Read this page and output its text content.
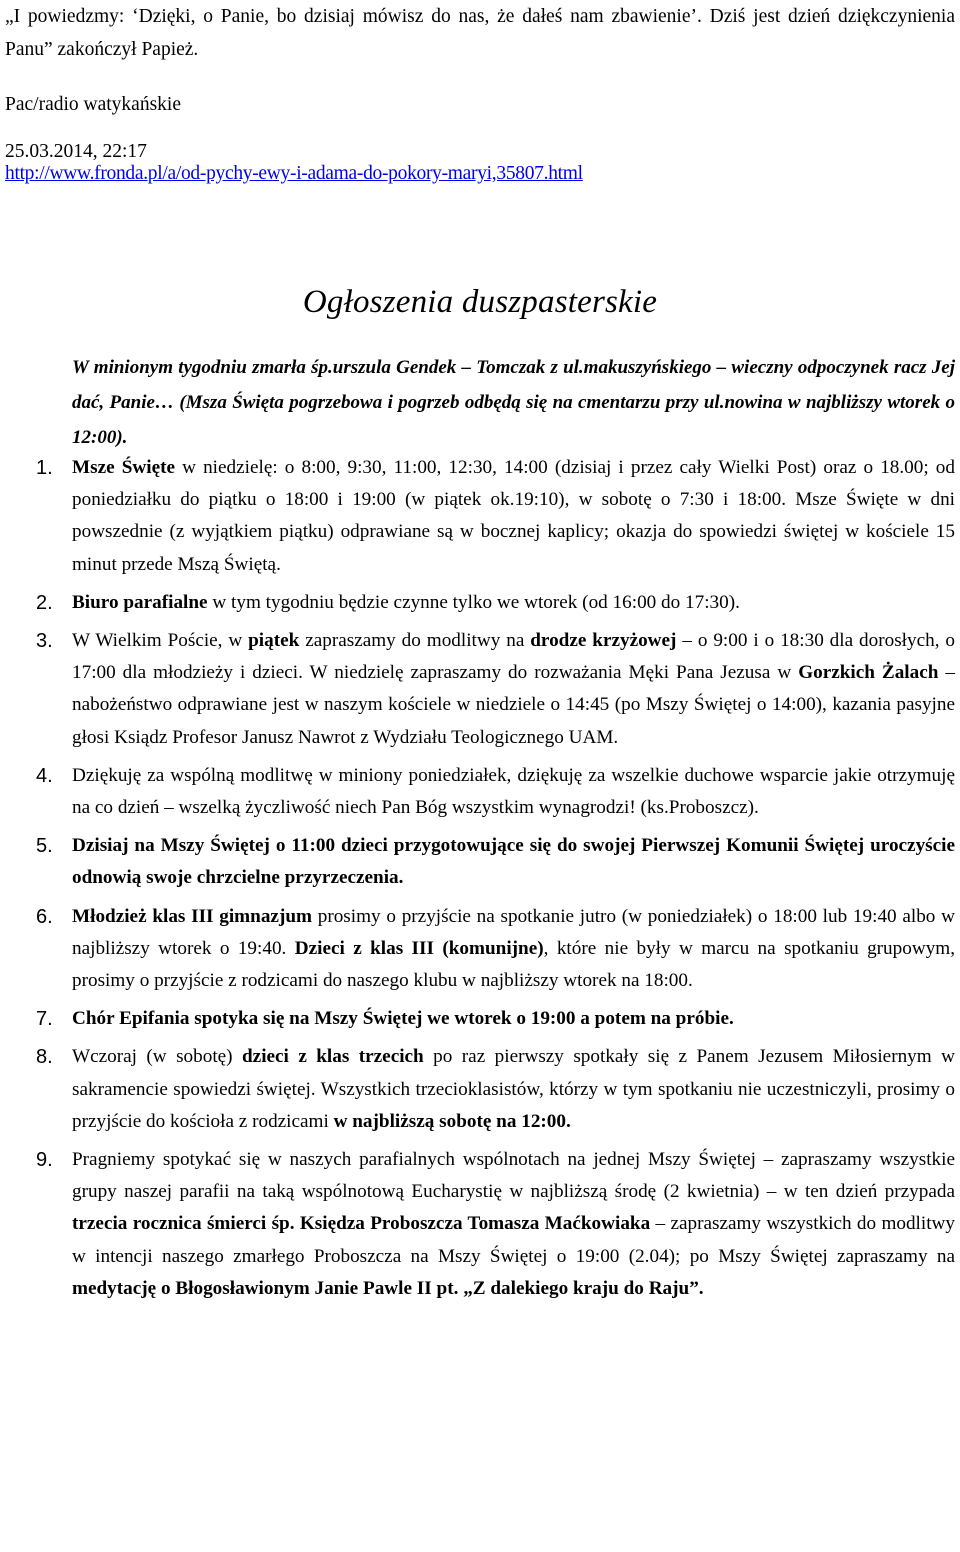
„I powiedzmy: ‘Dzięki, o Panie, bo dzisiaj mówisz do nas, że dałeś nam zbawienie’. Dziś jest dzień dziękczynienia Panu” zakończył Papież.

Pac/radio watykańskie

25.03.2014, 22:17

http://www.fronda.pl/a/od-pychy-ewy-i-adama-do-pokory-maryi,35807.html

Ogłoszenia duszpasterskie

W minionym tygodniu zmarła śp.urszula Gendek – Tomczak z ul.makuszyńskiego – wieczny odpoczynek racz Jej dać, Panie… (Msza Święta pogrzebowa i pogrzeb odbędą się na cmentarzu przy ul.nowina w najbliższy wtorek o 12:00).

1. Msze Święte w niedzielę: o 8:00, 9:30, 11:00, 12:30, 14:00 (dzisiaj i przez cały Wielki Post) oraz o 18.00; od poniedziałku do piątku o 18:00 i 19:00 (w piątek ok.19:10), w sobotę o 7:30 i 18:00. Msze Święte w dni powszednie (z wyjątkiem piątku) odprawiane są w bocznej kaplicy; okazja do spowiedzi świętej w kościele 15 minut przede Mszą Świętą.
2. Biuro parafialne w tym tygodniu będzie czynne tylko we wtorek (od 16:00 do 17:30).
3. W Wielkim Poście, w piątek zapraszamy do modlitwy na drodze krzyżowej – o 9:00 i o 18:30 dla dorosłych, o 17:00 dla młodzieży i dzieci. W niedzielę zapraszamy do rozważania Męki Pana Jezusa w Gorzkich Żalach – nabożeństwo odprawiane jest w naszym kościele w niedziele o 14:45 (po Mszy Świętej o 14:00), kazania pasyjne głosi Ksiądz Profesor Janusz Nawrot z Wydziału Teologicznego UAM.
4. Dziękuję za wspólną modlitwę w miniony poniedziałek, dziękuję za wszelkie duchowe wsparcie jakie otrzymuję na co dzień – wszelką życzliwość niech Pan Bóg wszystkim wynagrodzi! (ks.Proboszcz).
5. Dzisiaj na Mszy Świętej o 11:00 dzieci przygotowujące się do swojej Pierwszej Komunii Świętej uroczyście odnowią swoje chrzcielne przyrzeczenia.
6. Młodzież klas III gimnazjum prosimy o przyjście na spotkanie jutro (w poniedziałek) o 18:00 lub 19:40 albo w najbliższy wtorek o 19:40. Dzieci z klas III (komunijne), które nie były w marcu na spotkaniu grupowym, prosimy o przyjście z rodzicami do naszego klubu w najbliższy wtorek na 18:00.
7. Chór Epifania spotyka się na Mszy Świętej we wtorek o 19:00 a potem na próbie.
8. Wczoraj (w sobotę) dzieci z klas trzecich po raz pierwszy spotkały się z Panem Jezusem Miłosiernym w sakramencie spowiedzi świętej. Wszystkich trzecioklasistów, którzy w tym spotkaniu nie uczestniczyli, prosimy o przyjście do kościoła z rodzicami w najbliższą sobotę na 12:00.
9. Pragniemy spotykać się w naszych parafialnych wspólnotach na jednej Mszy Świętej – zapraszamy wszystkie grupy naszej parafii na taką wspólnotową Eucharystię w najbliższą środę (2 kwietnia) – w ten dzień przypada trzecia rocznica śmierci śp. Księdza Proboszcza Tomasza Maćkowiaka – zapraszamy wszystkich do modlitwy w intencji naszego zmarłego Proboszcza na Mszy Świętej o 19:00 (2.04); po Mszy Świętej zapraszamy na medytację o Błogosławionym Janie Pawle II pt. „Z dalekiego kraju do Raju”.
